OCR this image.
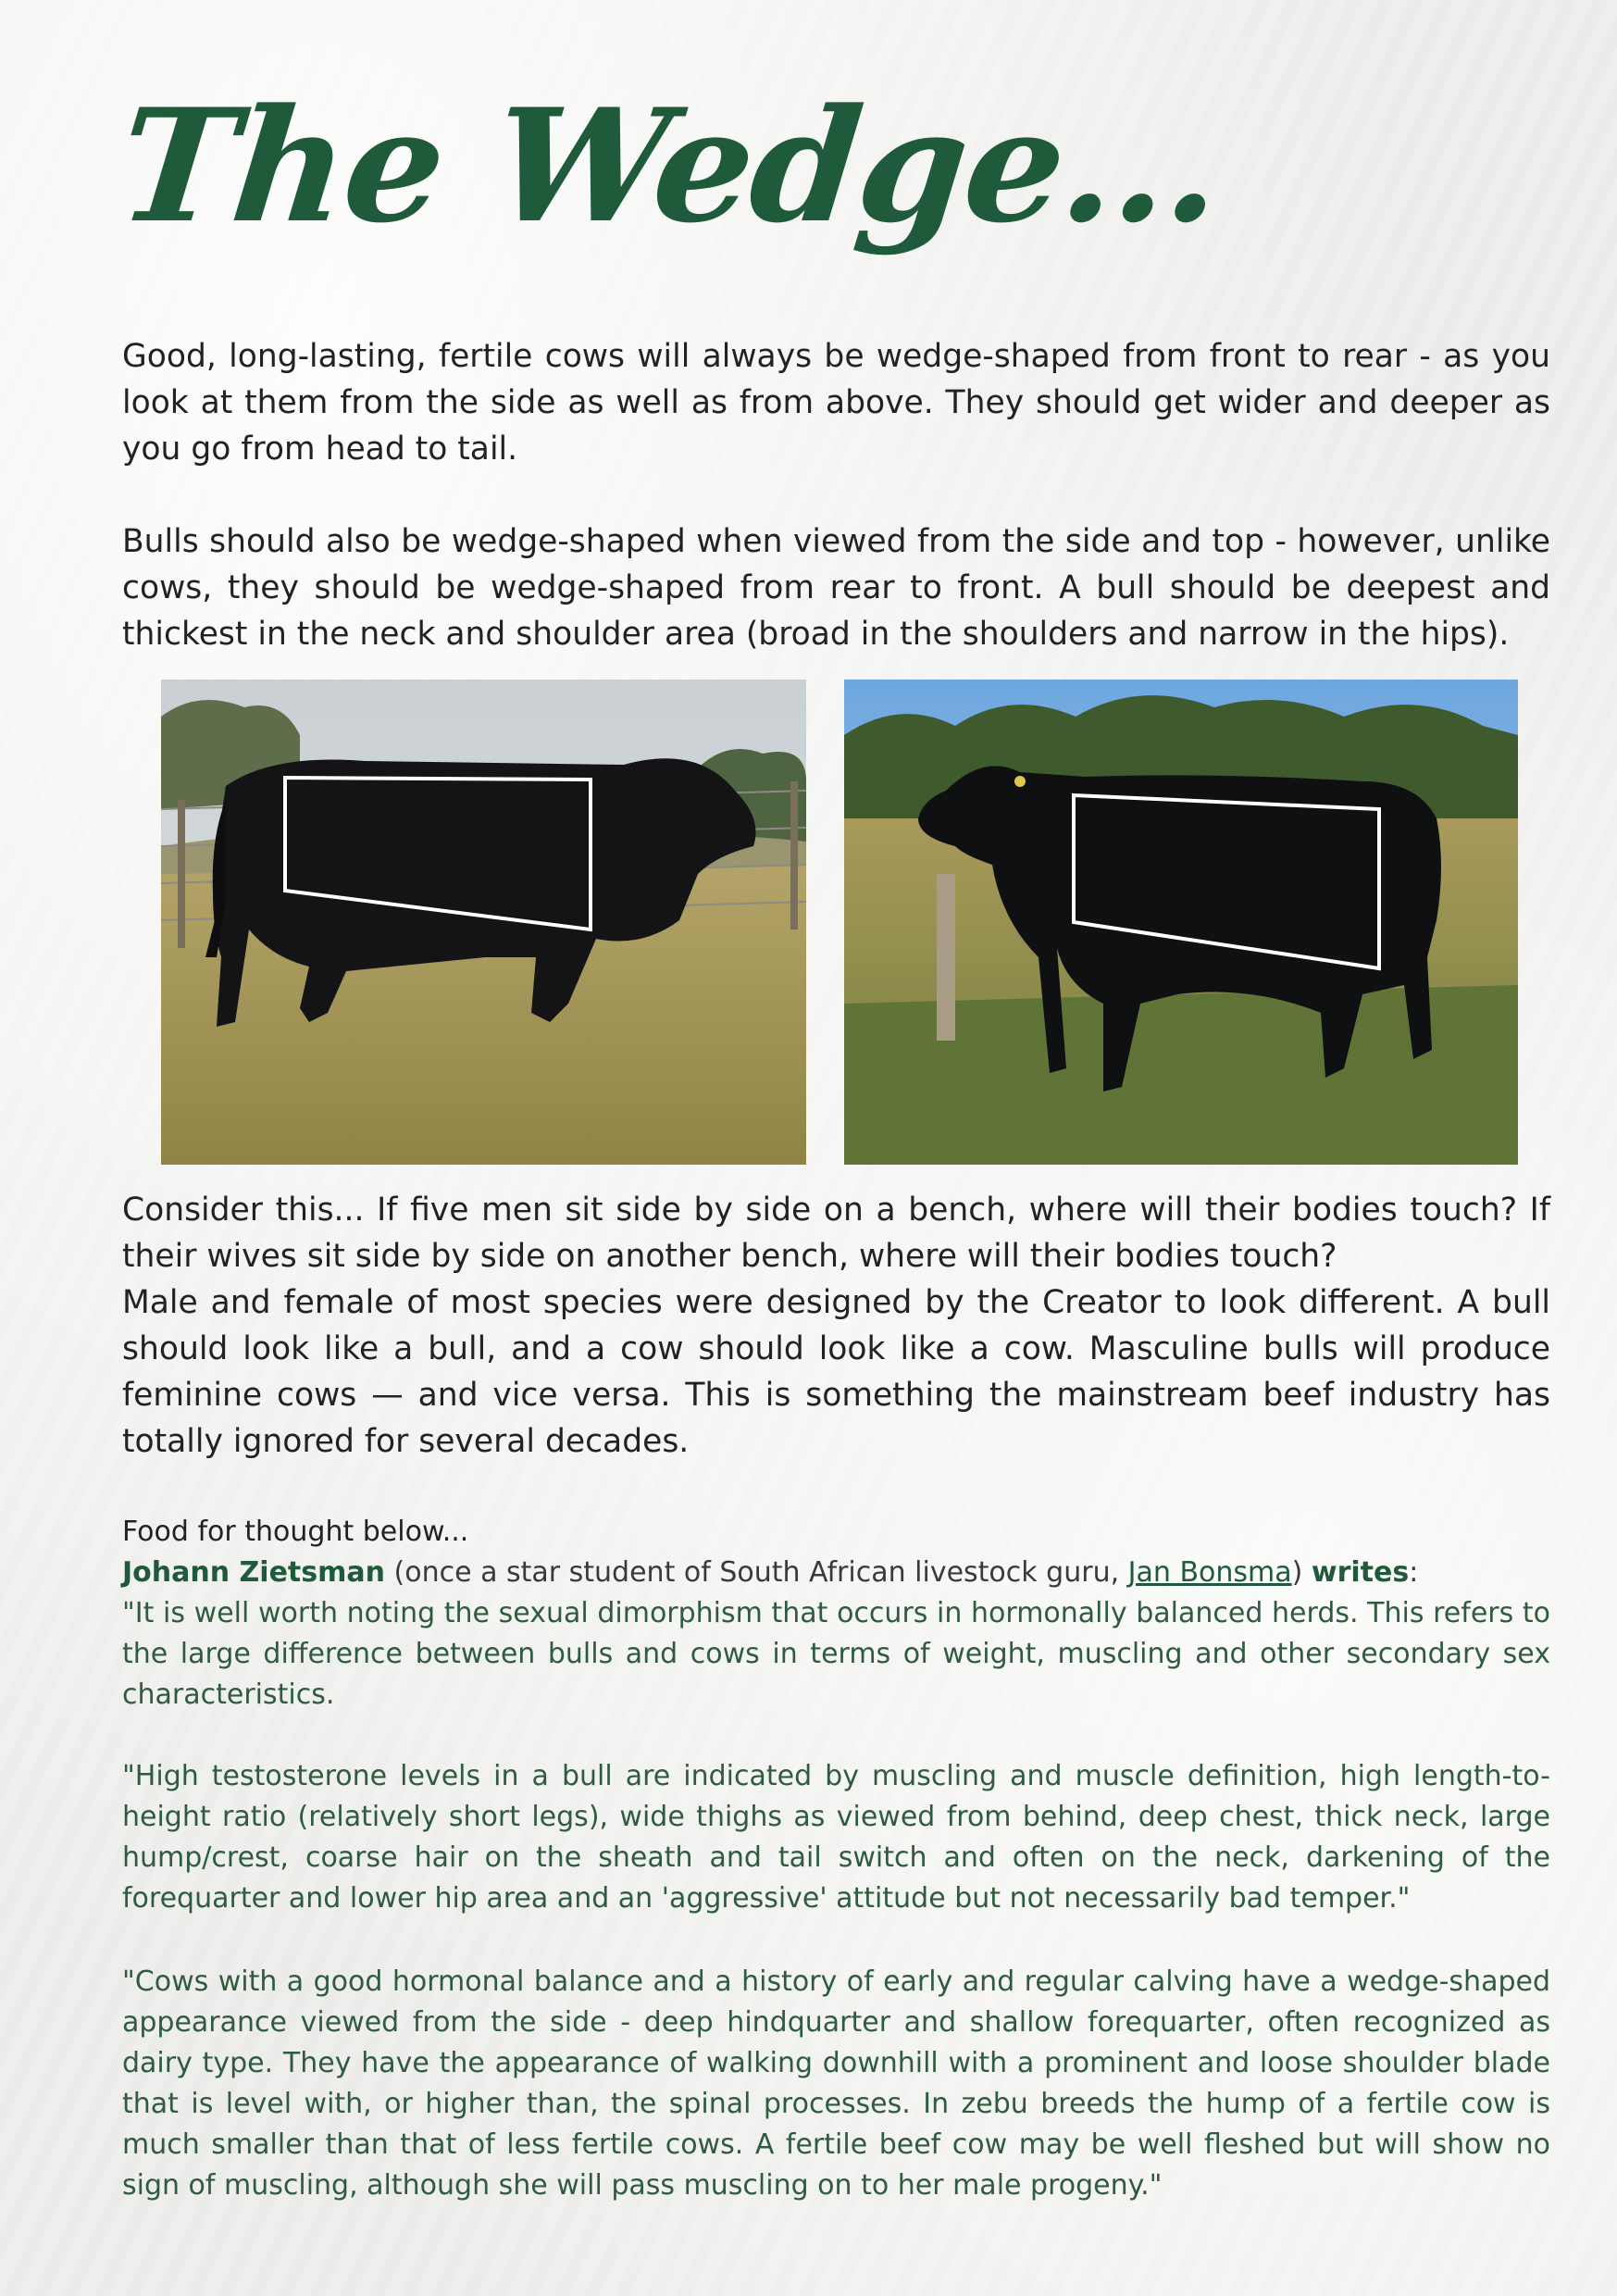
The Wedge...

Good, long-lasting, fertile cows will always be wedge-shaped from front to rear - as you look at them from the side as well as from above. They should get wider and deeper as you go from head to tail.

Bulls should also be wedge-shaped when viewed from the side and top - however, unlike cows, they should be wedge-shaped from rear to front. A bull should be deepest and thickest in the neck and shoulder area (broad in the shoulders and narrow in the hips).

Consider this... If five men sit side by side on a bench, where will their bodies touch? If their wives sit side by side on another bench, where will their bodies touch?

Male and female of most species were designed by the Creator to look different. A bull should look like a bull, and a cow should look like a cow. Masculine bulls will produce feminine cows — and vice versa. This is something the mainstream beef industry has totally ignored for several decades.

Food for thought below...

Johann Zietsman (once a star student of South African livestock guru, Jan Bonsma) writes:

"It is well worth noting the sexual dimorphism that occurs in hormonally balanced herds. This refers to the large difference between bulls and cows in terms of weight, muscling and other secondary sex characteristics.

"High testosterone levels in a bull are indicated by muscling and muscle definition, high length-to-height ratio (relatively short legs), wide thighs as viewed from behind, deep chest, thick neck, large hump/crest, coarse hair on the sheath and tail switch and often on the neck, darkening of the forequarter and lower hip area and an 'aggressive' attitude but not necessarily bad temper."

"Cows with a good hormonal balance and a history of early and regular calving have a wedge-shaped appearance viewed from the side - deep hindquarter and shallow forequarter, often recognized as dairy type. They have the appearance of walking downhill with a prominent and loose shoulder blade that is level with, or higher than, the spinal processes. In zebu breeds the hump of a fertile cow is much smaller than that of less fertile cows. A fertile beef cow may be well fleshed but will show no sign of muscling, although she will pass muscling on to her male progeny."
